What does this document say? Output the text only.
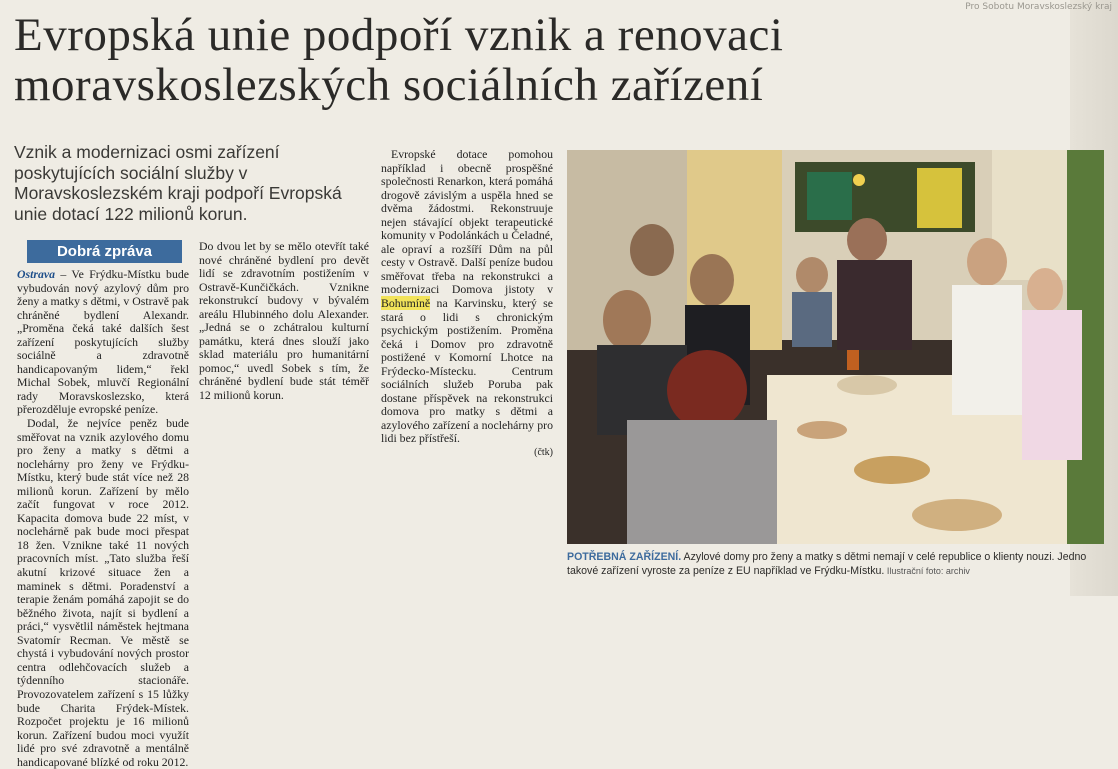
Pro Sobotu Moravskoslezský kraj
Evropská unie podpoří vznik a renovaci moravskoslezských sociálních zařízení
Vznik a modernizaci osmi zařízení poskytujících sociální služby v Moravskoslezském kraji podpoří Evropská unie dotací 122 milionů korun.
Dobrá zpráva

Ostrava – Ve Frýdku-Místku bude vybudován nový azylový dům pro ženy a matky s dětmi, v Ostravě pak chráněné bydlení Alexandr. „Proměna čeká také dalších šest zařízení poskytujících služby sociálně a zdravotně handicapovaným lidem,“ řekl Michal Sobek, mluvčí Regionální rady Moravskoslezsko, která přerozděluje evropské peníze.

Dodal, že nejvíce peněz bude směřovat na vznik azylového domu pro ženy a matky s dětmi a noclehárny pro ženy ve Frýdku-Místku, který bude stát více než 28 milionů korun. Zařízení by mělo začít fungovat v roce 2012. Kapacita domova bude 22 míst, v noclehárně pak bude moci přespat 18 žen. Vznikne také 11 nových pracovních míst. „Tato služba řeší akutní krizové situace žen a maminek s dětmi. Poradenství a terapie ženám pomáhá zapojit se do běžného života, najít si bydlení a práci,“ vysvětlil náměstek hejtmana Svatomír Recman. Ve městě se chystá i vybudování nových prostor centra odlehčovacích služeb a týdenního stacionáře. Provozovatelem zařízení s 15 lůžky bude Charita Frýdek-Místek. Rozpočet projektu je 16 milionů korun. Zařízení budou moci využít lidé pro své zdravotně a mentálně handicapované blízké od roku 2012.

Do dvou let by se mělo otevřít také nové chráněné bydlení pro devět lidí se zdravotním postižením v Ostravě-Kunčičkách. Vznikne rekonstrukcí budovy v bývalém areálu Hlubinného dolu Alexander. „Jedná se o zchátralou kulturní památku, která dnes slouží jako sklad materiálu pro humanitární pomoc,“ uvedl Sobek s tím, že chráněné bydlení bude stát téměř 12 milionů korun.

Evropské dotace pomohou například i obecně prospěšné společnosti Renarkon, která pomáhá drogově závislým a uspěla hned se dvěma žádostmi. Rekonstruuje nejen stávající objekt terapeutické komunity v Podolánkách u Čeladné, ale opraví a rozšíří Dům na půl cesty v Ostravě. Další peníze budou směřovat třeba na rekonstrukci a modernizaci Domova jistoty v Bohumíně na Karvinsku, který se stará o lidi s chronickým psychickým postižením. Proměna čeká i Domov pro zdravotně postižené v Komorní Lhotce na Frýdecko-Místecku. Centrum sociálních služeb Poruba pak dostane příspěvek na rekonstrukci domova pro matky s dětmi a azylového zařízení a noclehárny pro lidi bez přístřeší.

(čtk)
POTŘEBNÁ ZAŘÍZENÍ. Azylové domy pro ženy a matky s dětmi nemají v celé republice o klienty nouzi. Jedno takové zařízení vyroste za peníze z EU například ve Frýdku-Místku. Ilustrační foto: archiv
